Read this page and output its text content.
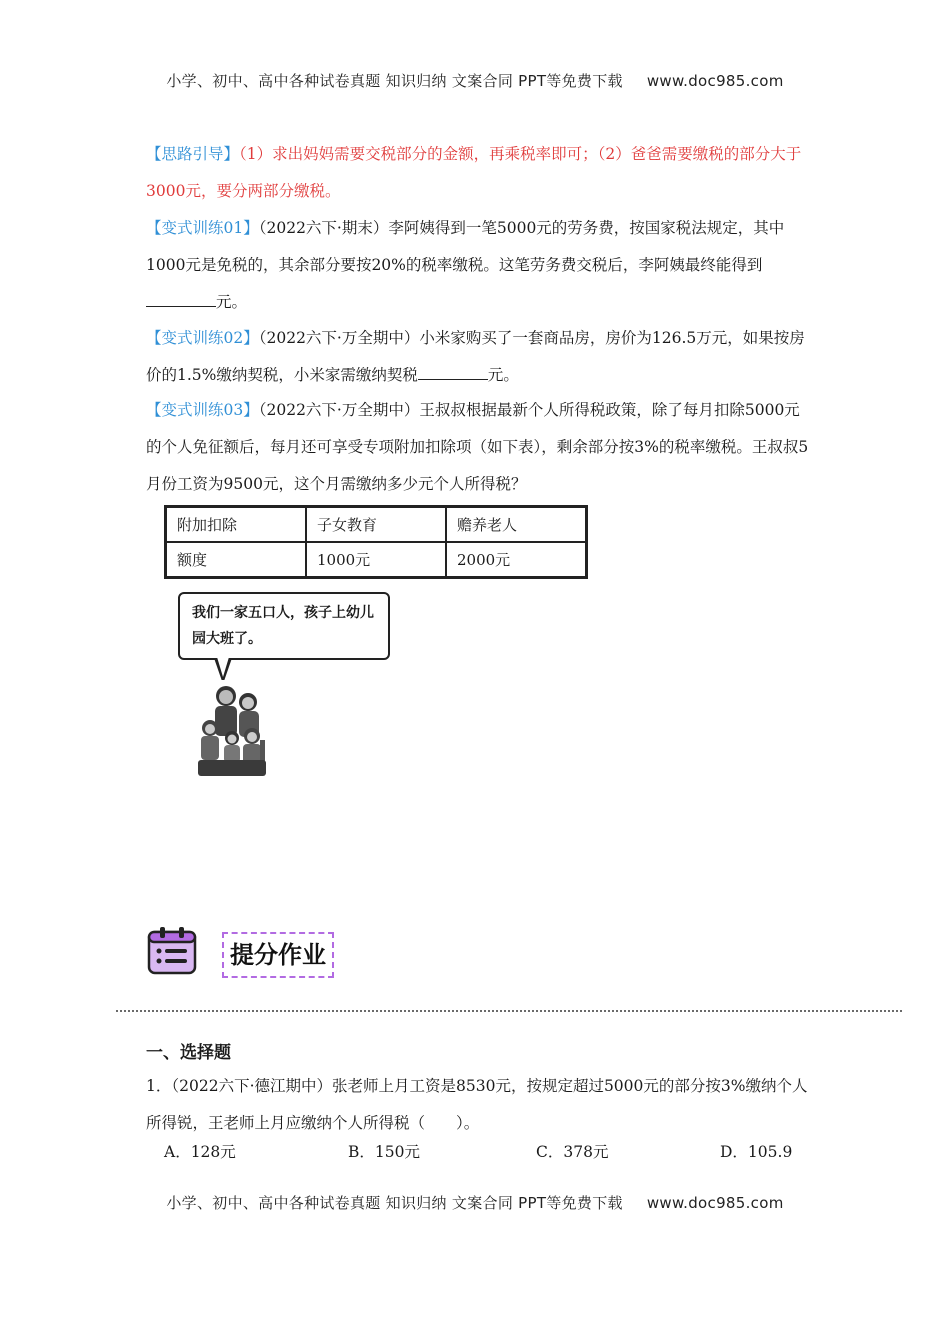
小学、初中、高中各种试卷真题 知识归纳 文案合同 PPT等免费下载 www.doc985.com
【思路引导】（1）求出妈妈需要交税部分的金额，再乘税率即可；（2）爸爸需要缴税的部分大于3000元，要分两部分缴税。
【变式训练01】（2022六下·期末）李阿姨得到一笔5000元的劳务费，按国家税法规定，其中1000元是免税的，其余部分要按20%的税率缴税。这笔劳务费交税后，李阿姨最终能得到元。
【变式训练02】（2022六下·万全期中）小米家购买了一套商品房，房价为126.5万元，如果按房价的1.5%缴纳契税，小米家需缴纳契税	元。
【变式训练03】（2022六下·万全期中）王叔叔根据最新个人所得税政策，除了每月扣除5000元的个人免征额后，每月还可享受专项附加扣除项（如下表），剩余部分按3%的税率缴税。王叔叔5月份工资为9500元，这个月需缴纳多少元个人所得税？
附加扣除	子女教育	赡养老人
额度	1000元	2000元
我们一家五口人，孩子上幼儿园大班了。
提分作业
一、选择题
1．（2022六下·德江期中）张老师上月工资是8530元，按规定超过5000元的部分按3%缴纳个人所得锐，王老师上月应缴纳个人所得税（　　）。
A．128元	B．150元	C．378元	D．105.9
小学、初中、高中各种试卷真题 知识归纳 文案合同 PPT等免费下载 www.doc985.com
